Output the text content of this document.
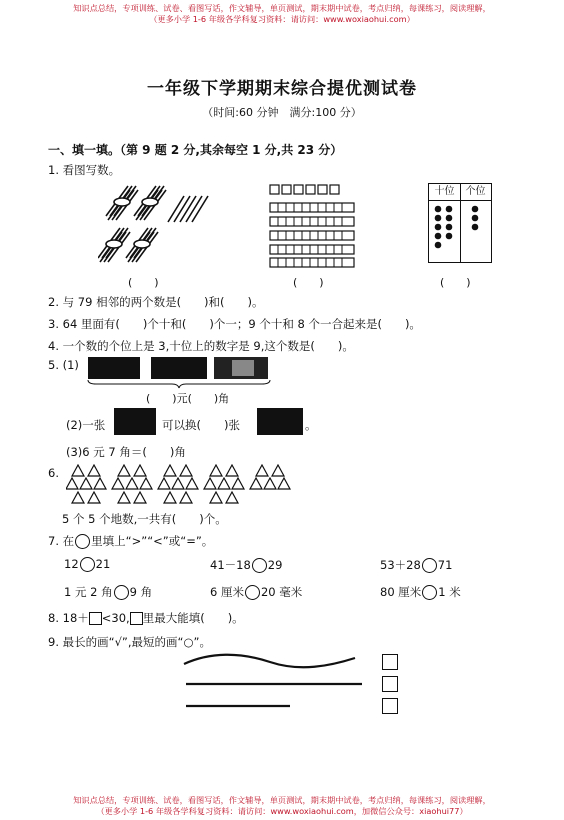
知识点总结，专项训练、试卷、看图写话，作文辅导，单页测试，期末期中试卷，考点归纳，每课练习，阅读理解，
（更多小学 1-6 年级各学科复习资料：请访问：www.woxiaohui.com）
知识点总结，专项训练、试卷，看图写话，作文辅导，单页测试，期末期中试卷，考点归纳，每课练习，阅读理解，
（更多小学 1-6 年级各学科复习资料：请访问：www.woxiaohui.com，加微信公众号：xiaohui77）
一年级下学期期末综合提优测试卷
（时间:60 分钟　满分:100 分）
一、填一填。（第 9 题 2 分,其余每空 1 分,共 23 分）
1. 看图写数。
(　　)	(　　)
十位	个位
(　　)
2. 与 79 相邻的两个数是(　　)和(　　)。
3. 64 里面有(　　)个十和(　　)个一；9 个十和 8 个一合起来是(　　)。
4. 一个数的个位上是 3,十位上的数字是 9,这个数是(　　)。
5. (1)
(　　)元(　　)角
(2)一张	可以换(　　)张	。
(3)6 元 7 角＝(　　)角
6.
5 个 5 个地数,一共有(　　)个。
7. 在 里填上“>”“<”或“=”。
12 21	41－18 29	53＋28 71
1 元 2 角 9 角	6 厘米 20 毫米	80 厘米 1 米
8. 18＋ <30, 里最大能填(　　)。
9. 最长的画“√”,最短的画“○”。
